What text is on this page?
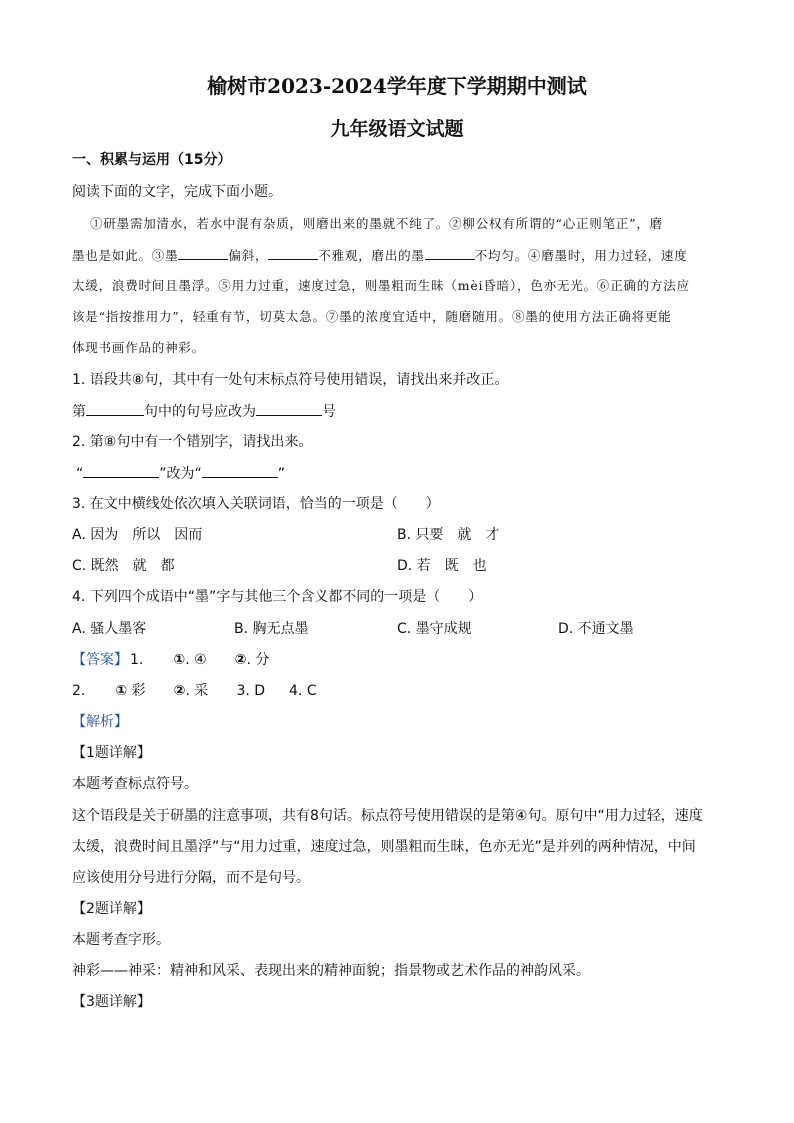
榆树市2023-2024学年度下学期期中测试
九年级语文试题
一、积累与运用（15分）
阅读下面的文字，完成下面小题。
①研墨需加清水，若水中混有杂质，则磨出来的墨就不纯了。②柳公权有所谓的“心正则笔正”，磨
墨也是如此。③墨	偏斜，	不雅观，磨出的墨	不均匀。④磨墨时，用力过轻，速度
太缓，浪费时间且墨浮。⑤用力过重，速度过急，则墨粗而生昧（mèi昏暗），色亦无光。⑥正确的方法应
该是“指按推用力”，轻重有节，切莫太急。⑦墨的浓度宜适中，随磨随用。⑧墨的使用方法正确将更能
体现书画作品的神彩。
1. 语段共⑧句，其中有一处句末标点符号使用错误，请找出来并改正。
第	句中的句号应改为	号
2. 第⑧句中有一个错别字，请找出来。
“	”改为“	”
3. 在文中横线处依次填入关联词语，恰当的一项是（　　）
A. 因为　所以　因而	B. 只要　就　才
C. 既然　就　都	D. 若　既　也
4. 下列四个成语中“墨”字与其他三个含义都不同的一项是（　　）
A. 骚人墨客	B. 胸无点墨	C. 墨守成规	D. 不通文墨
【答案】 1. ①. ④ ②. 分
2. ① 彩 ②. 采 3. D 4. C
【解析】
【1题详解】
本题考查标点符号。
这个语段是关于研墨的注意事项，共有8句话。标点符号使用错误的是第④句。原句中“用力过轻，速度
太缓，浪费时间且墨浮”与“用力过重，速度过急，则墨粗而生昧，色亦无光”是并列的两种情况，中间
应该使用分号进行分隔，而不是句号。
【2题详解】
本题考查字形。
神彩——神采：精神和风采、表现出来的精神面貌；指景物或艺术作品的神韵风采。
【3题详解】
